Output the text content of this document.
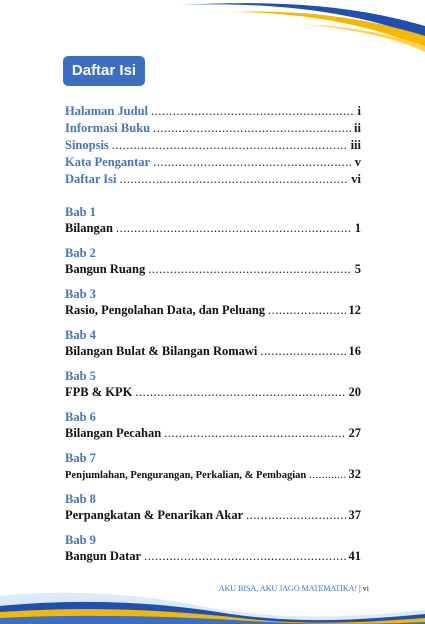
Daftar Isi
Halaman Judul .....	i
Informasi Buku .....	ii
Sinopsis .....	iii
Kata Pengantar .....	v
Daftar Isi .....	vi
Bab 1
Bilangan .....	1
Bab 2
Bangun Ruang .....	5
Bab 3
Rasio, Pengolahan Data, dan Peluang .....	12
Bab 4
Bilangan Bulat & Bilangan Romawi .....	16
Bab 5
FPB & KPK .....	20
Bab 6
Bilangan Pecahan .....	27
Bab 7
Penjumlahan, Pengurangan, Perkalian, & Pembagian .....	32
Bab 8
Perpangkatan & Penarikan Akar .....	37
Bab 9
Bangun Datar .....	41
AKU BISA, AKU JAGO MATEMATIKA! | vi
